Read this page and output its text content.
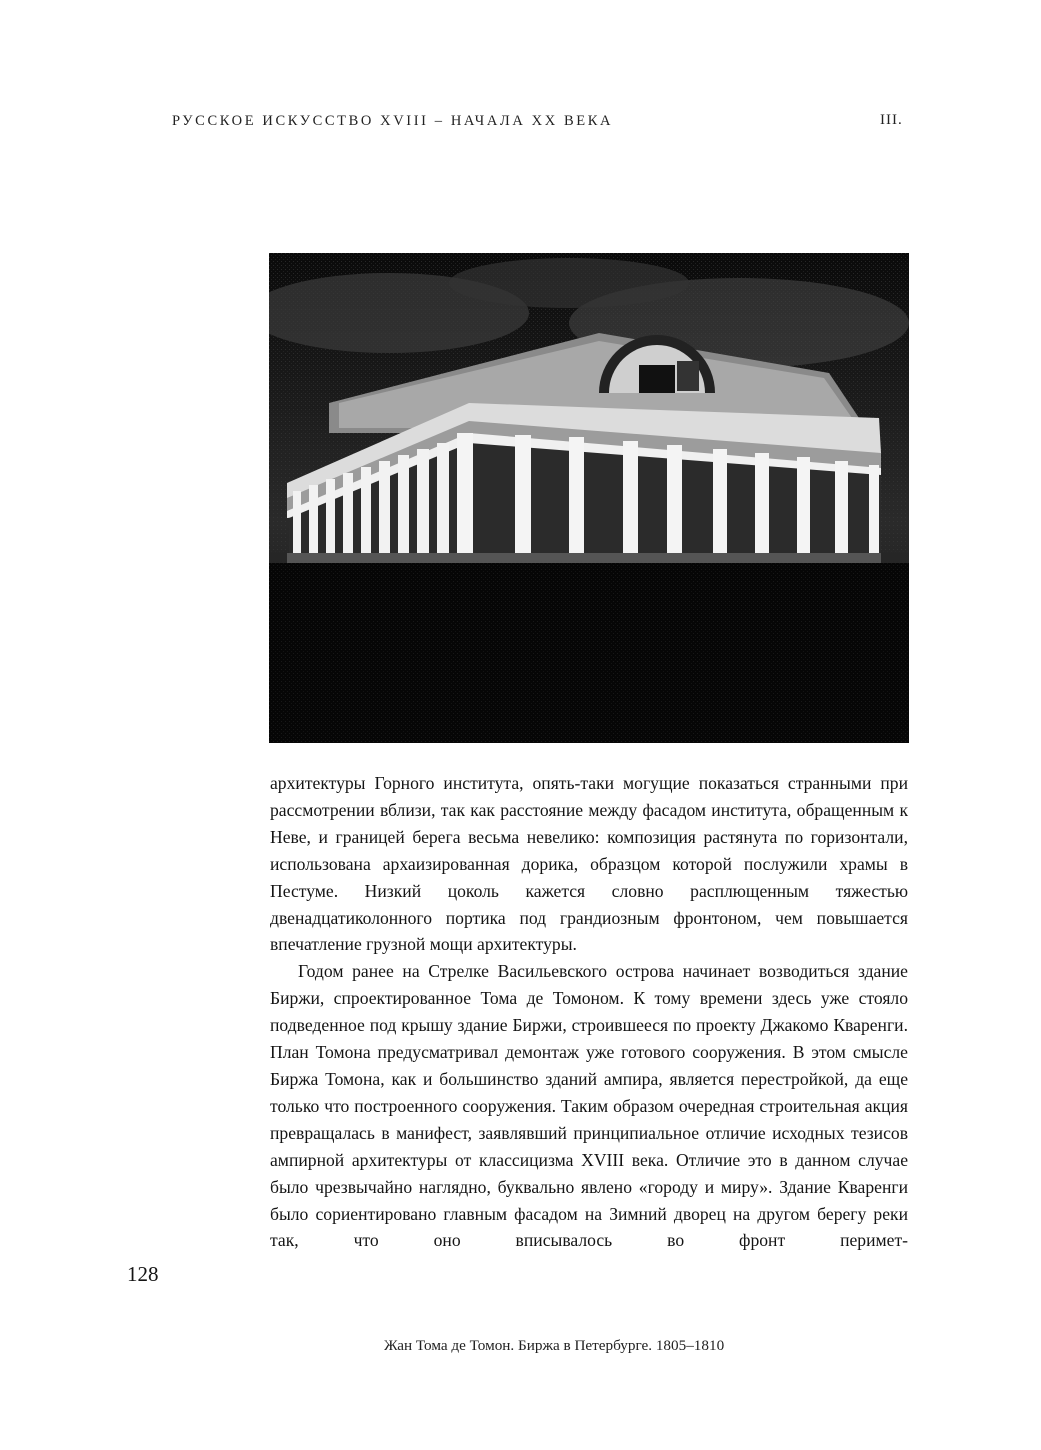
РУССКОЕ ИСКУССТВО XVIII – НАЧАЛА XX ВЕКА	III.

архитектуры Горного института, опять-таки могущие показаться странными при рассмотрении вблизи, так как расстояние между фасадом института, обращенным к Неве, и границей берега весьма невелико: композиция растянута по горизонтали, использована архаизированная дорика, образцом которой послужили храмы в Пестуме. Низкий цоколь кажется словно расплющенным тяжестью двенадцатиколонного портика под грандиозным фронтоном, чем повышается впечатление грузной мощи архитектуры.

Годом ранее на Стрелке Васильевского острова начинает возводиться здание Биржи, спроектированное Тома де Томоном. К тому времени здесь уже стояло подведенное под крышу здание Биржи, строившееся по проекту Джакомо Кваренги. План Томона предусматривал демонтаж уже готового сооружения. В этом смысле Биржа Томона, как и большинство зданий ампира, является перестройкой, да еще только что построенного сооружения. Таким образом очередная строительная акция превращалась в манифест, заявлявший принципиальное отличие исходных тезисов ампирной архитектуры от классицизма XVIII века. Отличие это в данном случае было чрезвычайно наглядно, буквально явлено «городу и миру». Здание Кваренги было сориентировано главным фасадом на Зимний дворец на другом берегу реки так, что оно вписывалось во фронт перимет-

128
Жан Тома де Томон. Биржа в Петербурге. 1805–1810
